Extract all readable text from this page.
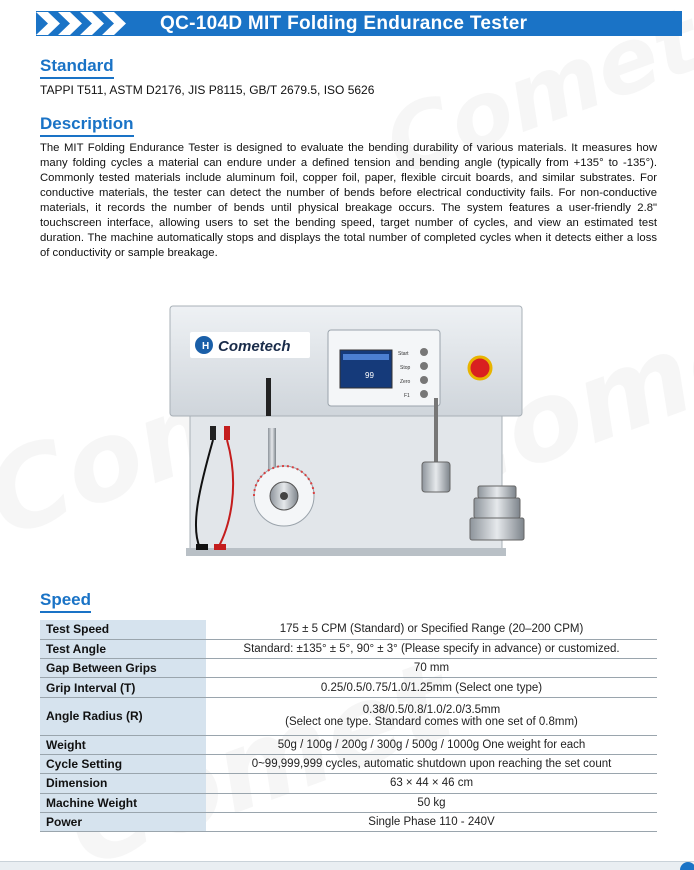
QC-104D MIT Folding Endurance Tester
Standard
TAPPI T511, ASTM D2176, JIS P8115, GB/T 2679.5, ISO 5626
Description
The MIT Folding Endurance Tester is designed to evaluate the bending durability of various materials. It measures how many folding cycles a material can endure under a defined tension and bending angle (typically from +135° to -135°). Commonly tested materials include aluminum foil, copper foil, paper, flexible circuit boards, and similar substrates. For conductive materials, the tester can detect the number of bends before electrical conductivity fails. For non-conductive materials, it records the number of bends until physical breakage occurs. The system features a user-friendly 2.8" touchscreen interface, allowing users to set the bending speed, target number of cycles, and view an estimated test duration. The machine automatically stops and displays the total number of completed cycles when it detects either a loss of conductivity or sample breakage.
H Cometech
99
Start
Stop
Zero
F1
Speed
Test Speed	175 ± 5 CPM (Standard) or Specified Range (20–200 CPM)
Test Angle	Standard: ±135° ± 5°, 90° ± 3° (Please specify in advance) or customized.
Gap Between Grips	70 mm
Grip Interval (T)	0.25/0.5/0.75/1.0/1.25mm (Select one type)
Angle Radius (R)	0.38/0.5/0.8/1.0/2.0/3.5mm
(Select one type. Standard comes with one set of 0.8mm)

Weight	50g / 100g / 200g / 300g / 500g / 1000g One weight for each
Cycle Setting	0~99,999,999 cycles, automatic shutdown upon reaching the set count
Dimension	63 × 44 × 46 cm
Machine Weight	50 kg
Power	Single Phase 110 - 240V
